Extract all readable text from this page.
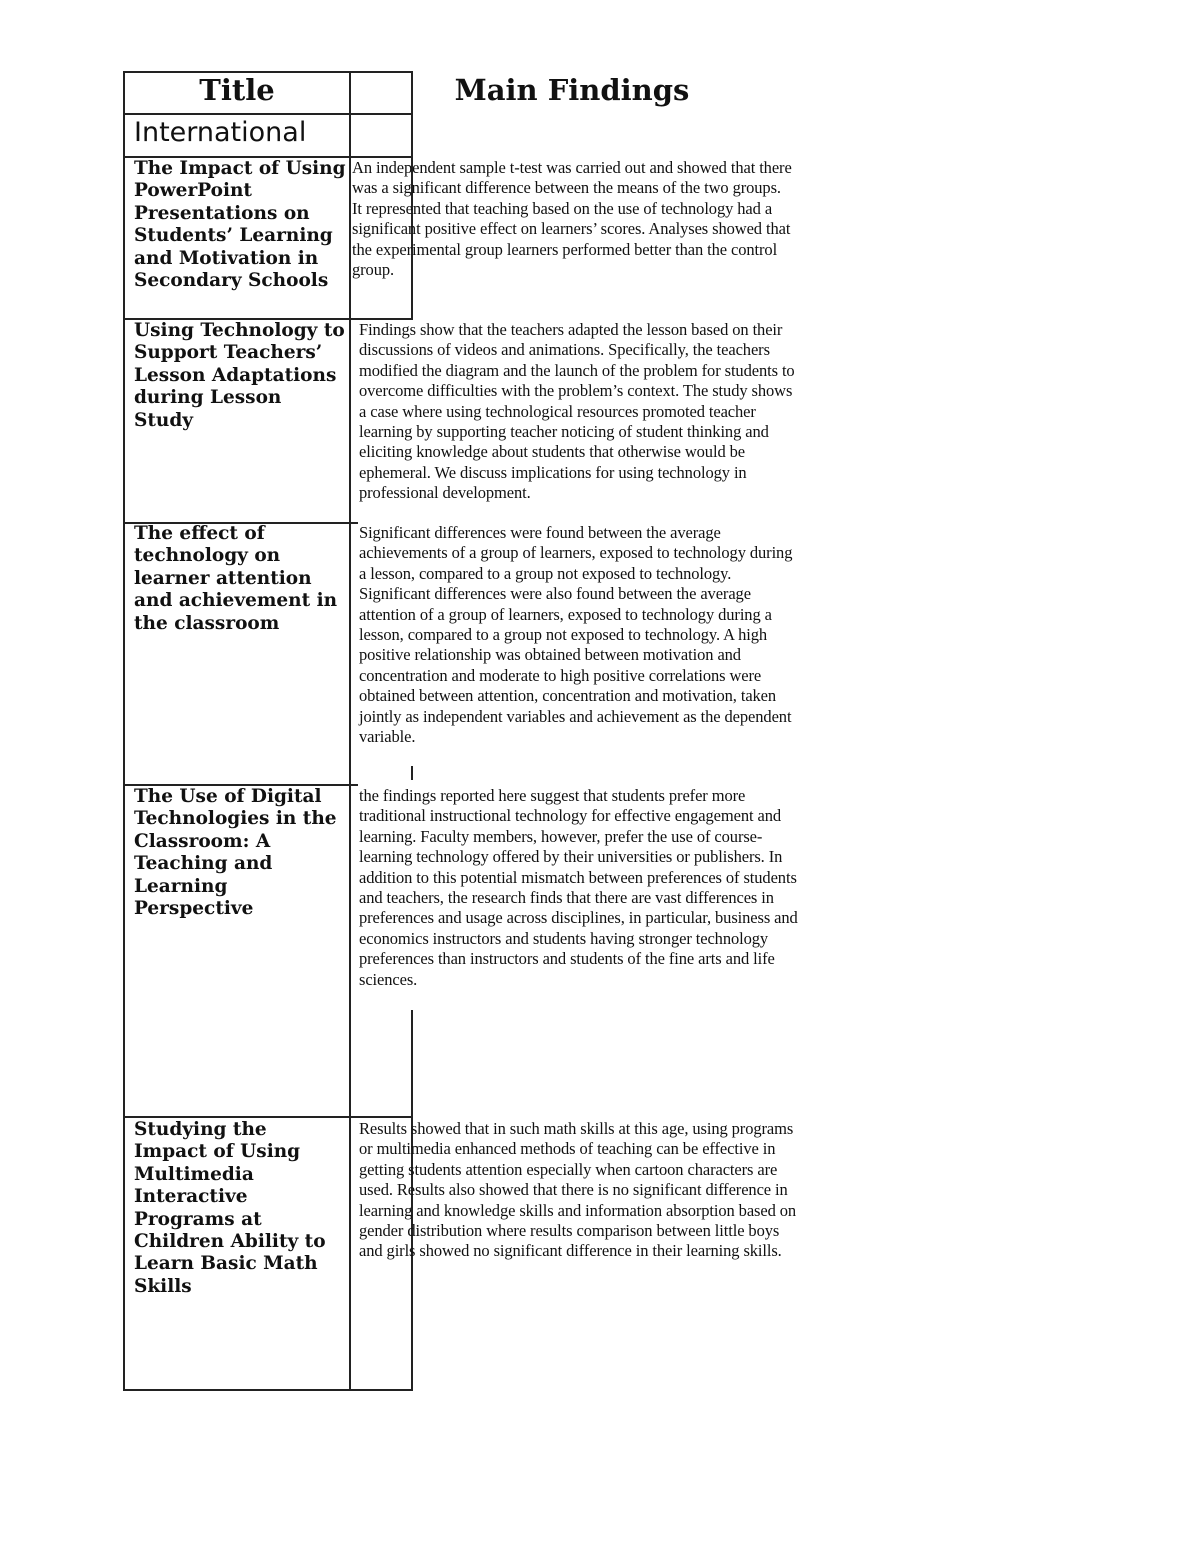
Title	Main Findings
International
The Impact of Using PowerPoint Presentations on Students’ Learning and Motivation in Secondary Schools
An independent sample t-test was carried out and showed that there was a significant difference between the means of the two groups. It represented that teaching based on the use of technology had a significant positive effect on learners’ scores. Analyses showed that the experimental group learners performed better than the control group.
Using Technology to Support Teachers’ Lesson Adaptations during Lesson Study
Findings show that the teachers adapted the lesson based on their discussions of videos and animations. Specifically, the teachers modified the diagram and the launch of the problem for students to overcome difficulties with the problem’s context. The study shows a case where using technological resources promoted teacher learning by supporting teacher noticing of student thinking and eliciting knowledge about students that otherwise would be ephemeral. We discuss implications for using technology in professional development.
The effect of technology on learner attention and achievement in the classroom
Significant differences were found between the average achievements of a group of learners, exposed to technology during a lesson, compared to a group not exposed to technology. Significant differences were also found between the average attention of a group of learners, exposed to technology during a lesson, compared to a group not exposed to technology. A high positive relationship was obtained between motivation and concentration and moderate to high positive correlations were obtained between attention, concentration and motivation, taken jointly as independent variables and achievement as the dependent variable.
The Use of Digital Technologies in the Classroom: A Teaching and Learning Perspective
the findings reported here suggest that students prefer more traditional instructional technology for effective engagement and learning. Faculty members, however, prefer the use of course-learning technology offered by their universities or publishers. In addition to this potential mismatch between preferences of students and teachers, the research finds that there are vast differences in preferences and usage across disciplines, in particular, business and economics instructors and students having stronger technology preferences than instructors and students of the fine arts and life sciences.
Studying the Impact of Using Multimedia Interactive Programs at Children Ability to Learn Basic Math Skills
Results showed that in such math skills at this age, using programs or multimedia enhanced methods of teaching can be effective in getting students attention especially when cartoon characters are used. Results also showed that there is no significant difference in learning and knowledge skills and information absorption based on gender distribution where results comparison between little boys and girls showed no significant difference in their learning skills.
